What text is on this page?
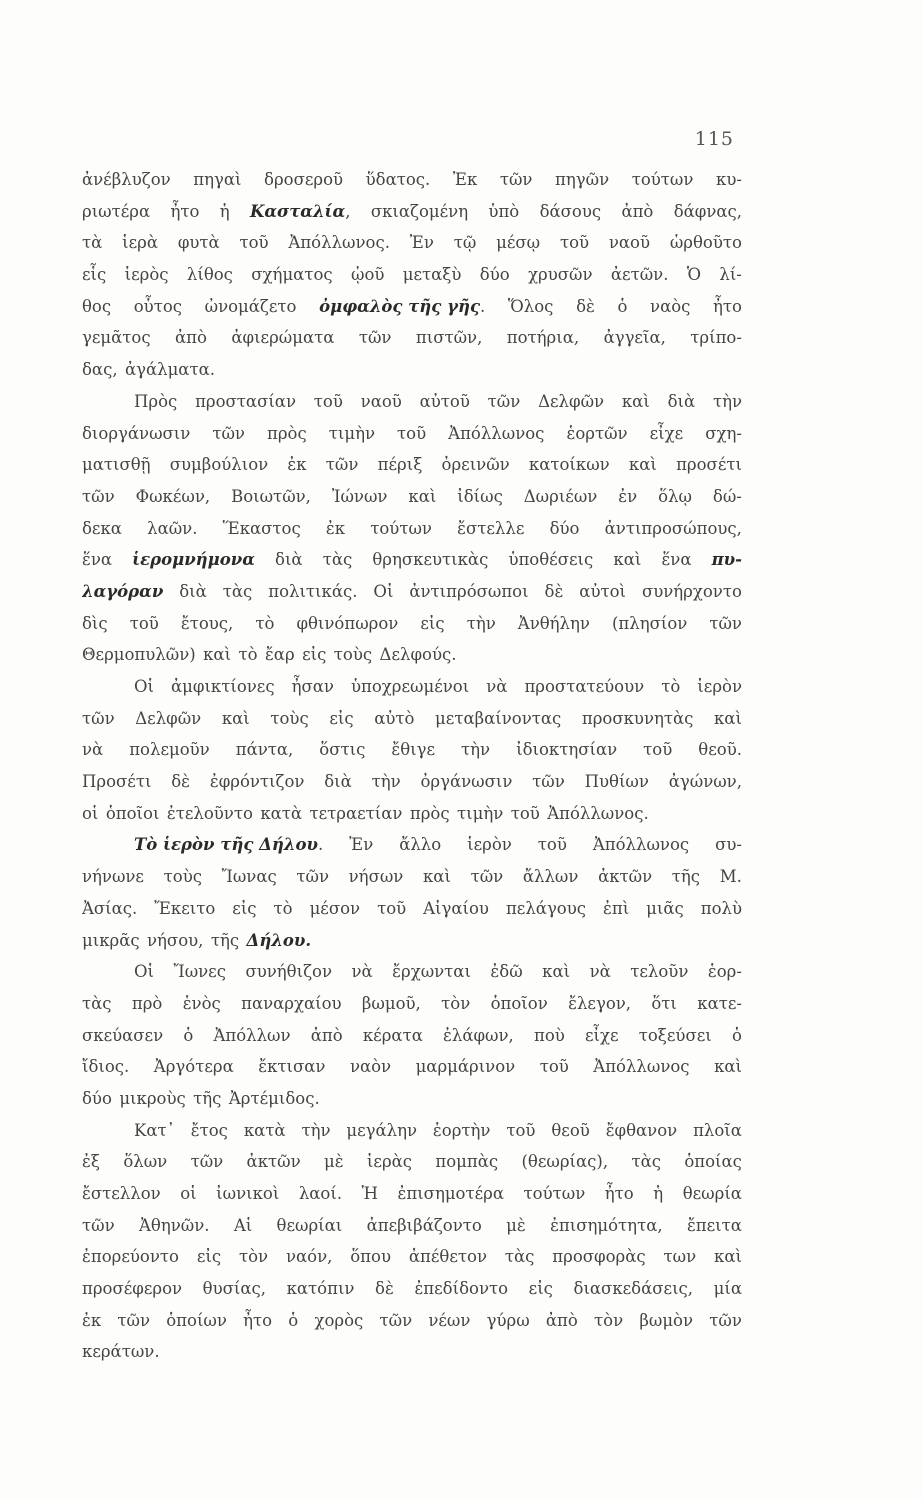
115
ἀνέβλυζον πηγαὶ δροσεροῦ ὕδατος. Ἐκ τῶν πηγῶν τούτων κυ-
ριωτέρα ἦτο ἡ Κασταλία, σκιαζομένη ὑπὸ δάσους ἀπὸ δάφνας,
τὰ ἱερὰ φυτὰ τοῦ Ἀπόλλωνος. Ἐν τῷ μέσῳ τοῦ ναοῦ ὡρθοῦτο
εἷς ἱερὸς λίθος σχήματος ᾠοῦ μεταξὺ δύο χρυσῶν ἀετῶν. Ὁ λί-
θος οὗτος ὠνομάζετο ὀμφαλὸς τῆς γῆς. Ὅλος δὲ ὁ ναὸς ἦτο
γεμᾶτος ἀπὸ ἀφιερώματα τῶν πιστῶν, ποτήρια, ἀγγεῖα, τρίπο-
δας, ἀγάλματα.
Πρὸς προστασίαν τοῦ ναοῦ αὐτοῦ τῶν Δελφῶν καὶ διὰ τὴν
διοργάνωσιν τῶν πρὸς τιμὴν τοῦ Ἀπόλλωνος ἑορτῶν εἶχε σχη-
ματισθῇ συμβούλιον ἐκ τῶν πέριξ ὀρεινῶν κατοίκων καὶ προσέτι
τῶν Φωκέων, Βοιωτῶν, Ἰώνων καὶ ἰδίως Δωριέων ἐν ὅλῳ δώ-
δεκα λαῶν. Ἕκαστος ἐκ τούτων ἔστελλε δύο ἀντιπροσώπους,
ἕνα ἱερομνήμονα διὰ τὰς θρησκευτικὰς ὑποθέσεις καὶ ἕνα πυ-
λαγόραν διὰ τὰς πολιτικάς. Οἱ ἀντιπρόσωποι δὲ αὐτοὶ συνήρχοντο
δὶς τοῦ ἔτους, τὸ φθινόπωρον εἰς τὴν Ἀνθήλην (πλησίον τῶν
Θερμοπυλῶν) καὶ τὸ ἔαρ εἰς τοὺς Δελφούς.
Οἱ ἀμφικτίονες ἦσαν ὑποχρεωμένοι νὰ προστατεύουν τὸ ἱερὸν
τῶν Δελφῶν καὶ τοὺς εἰς αὐτὸ μεταβαίνοντας προσκυνητὰς καὶ
νὰ πολεμοῦν πάντα, ὅστις ἔθιγε τὴν ἰδιοκτησίαν τοῦ θεοῦ.
Προσέτι δὲ ἐφρόντιζον διὰ τὴν ὀργάνωσιν τῶν Πυθίων ἀγώνων,
οἱ ὁποῖοι ἐτελοῦντο κατὰ τετραετίαν πρὸς τιμὴν τοῦ Ἀπόλλωνος.
Τὸ ἱερὸν τῆς Δήλου. Ἐν ἄλλο ἱερὸν τοῦ Ἀπόλλωνος συ-
νήνωνε τοὺς Ἴωνας τῶν νήσων καὶ τῶν ἄλλων ἀκτῶν τῆς Μ.
Ἀσίας. Ἔκειτο εἰς τὸ μέσον τοῦ Αἰγαίου πελάγους ἐπὶ μιᾶς πολὺ
μικρᾶς νήσου, τῆς Δήλου.
Οἱ Ἴωνες συνήθιζον νὰ ἔρχωνται ἐδῶ καὶ νὰ τελοῦν ἑορ-
τὰς πρὸ ἑνὸς παναρχαίου βωμοῦ, τὸν ὁποῖον ἔλεγον, ὅτι κατε-
σκεύασεν ὁ Ἀπόλλων ἀπὸ κέρατα ἐλάφων, ποὺ εἶχε τοξεύσει ὁ
ἴδιος. Ἀργότερα ἔκτισαν ναὸν μαρμάρινον τοῦ Ἀπόλλωνος καὶ
δύο μικροὺς τῆς Ἀρτέμιδος.
Κατ᾿ ἔτος κατὰ τὴν μεγάλην ἑορτὴν τοῦ θεοῦ ἔφθανον πλοῖα
ἐξ ὅλων τῶν ἀκτῶν μὲ ἱερὰς πομπὰς (θεωρίας), τὰς ὁποίας
ἔστελλον οἱ ἰωνικοὶ λαοί. Ἡ ἐπισημοτέρα τούτων ἦτο ἡ θεωρία
τῶν Ἀθηνῶν. Αἱ θεωρίαι ἀπεβιβάζοντο μὲ ἐπισημότητα, ἔπειτα
ἐπορεύοντο εἰς τὸν ναόν, ὅπου ἀπέθετον τὰς προσφορὰς των καὶ
προσέφερον θυσίας, κατόπιν δὲ ἐπεδίδοντο εἰς διασκεδάσεις, μία
ἐκ τῶν ὁποίων ἦτο ὁ χορὸς τῶν νέων γύρω ἀπὸ τὸν βωμὸν τῶν
κεράτων.
